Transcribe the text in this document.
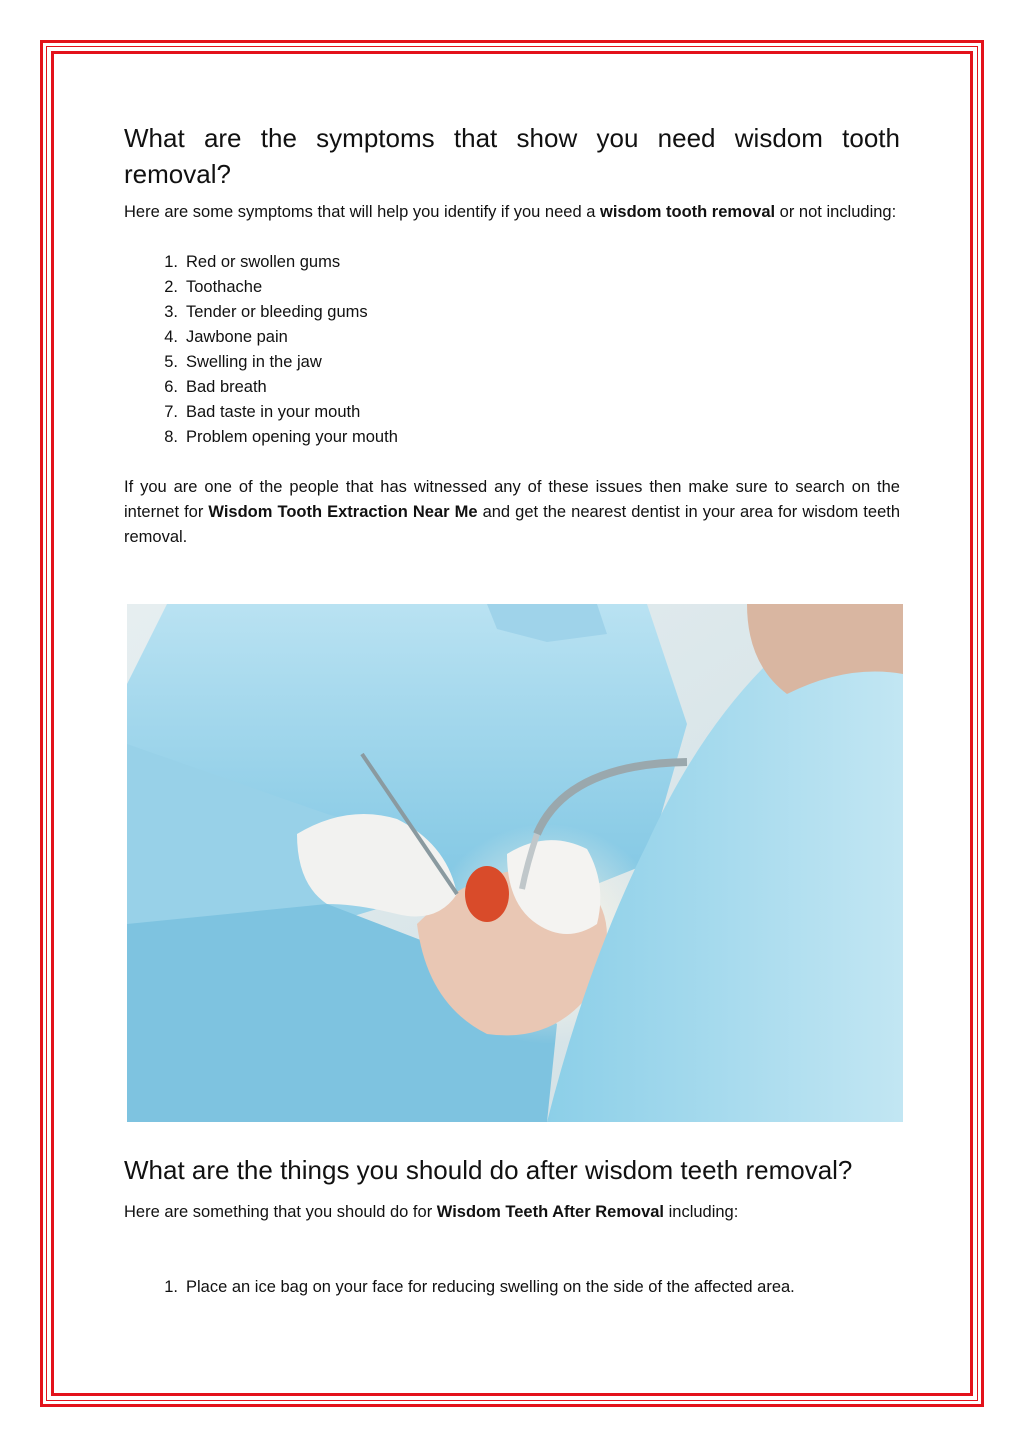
What are the symptoms that show you need wisdom tooth
removal?

Here are some symptoms that will help you identify if you need a wisdom tooth removal or not including:

1. Red or swollen gums
2. Toothache
3. Tender or bleeding gums
4. Jawbone pain
5. Swelling in the jaw
6. Bad breath
7. Bad taste in your mouth
8. Problem opening your mouth

If you are one of the people that has witnessed any of these issues then make sure to search on the internet for Wisdom Tooth Extraction Near Me and get the nearest dentist in your area for wisdom teeth removal.

What are the things you should do after wisdom teeth removal?

Here are something that you should do for Wisdom Teeth After Removal including:

1. Place an ice bag on your face for reducing swelling on the side of the affected area.
